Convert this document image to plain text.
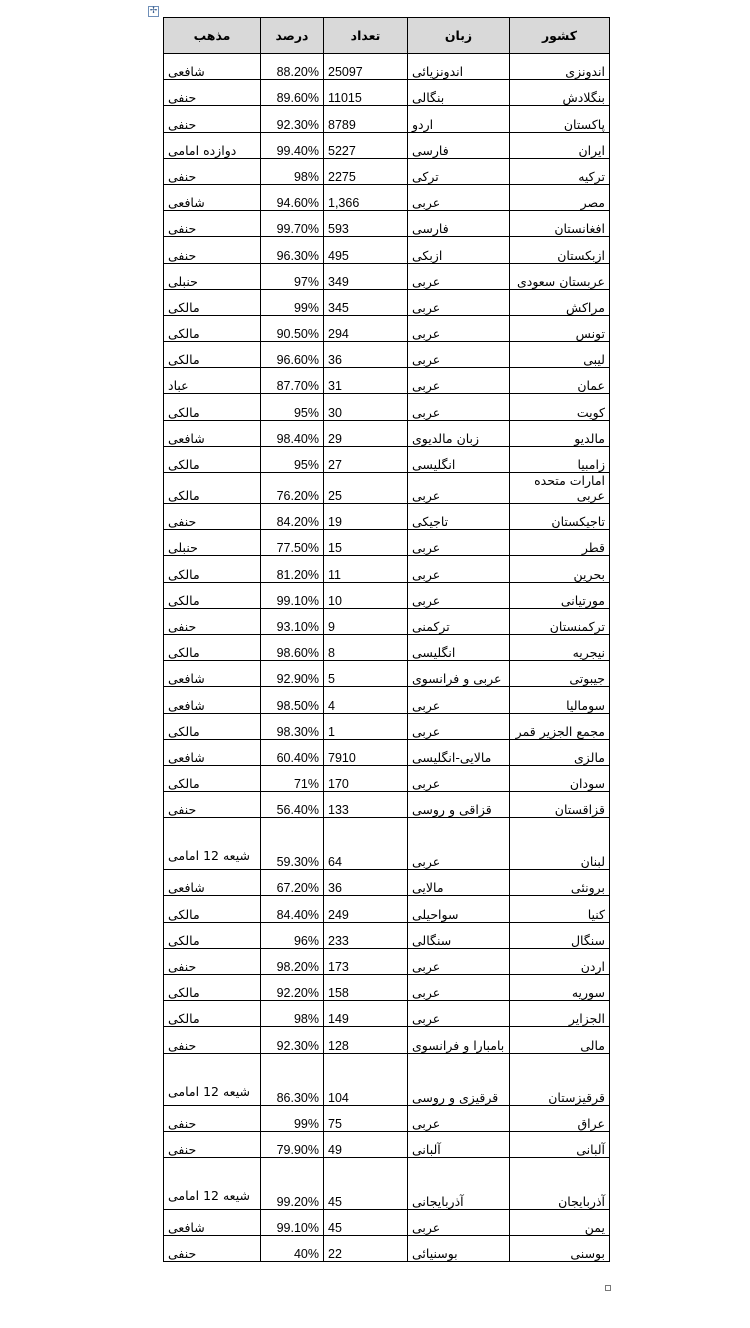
✢
کشور	زبان	تعداد	درصد	مذهب
اندونزی	اندونزیائی	25097	88.20%	شافعی
بنگلادش	بنگالی	11015	89.60%	حنفی
پاکستان	اردو	8789	92.30%	حنفی
ایران	فارسی	5227	99.40%	دوازده امامی
ترکیه	ترکی	2275	98%	حنفی
مصر	عربی	1,366	94.60%	شافعی
افغانستان	فارسی	593	99.70%	حنفی
ازبکستان	ازبکی	495	96.30%	حنفی
عربستان سعودی	عربی	349	97%	حنبلی
مراکش	عربی	345	99%	مالکی
تونس	عربی	294	90.50%	مالکی
لیبی	عربی	36	96.60%	مالکی
عمان	عربی	31	87.70%	عباد
کویت	عربی	30	95%	مالکی
مالدیو	زبان مالدیوی	29	98.40%	شافعی
زامبیا	انگلیسی	27	95%	مالکی
امارات متحده عربی	عربی	25	76.20%	مالکی
تاجیکستان	تاجیکی	19	84.20%	حنفی
قطر	عربی	15	77.50%	حنبلی
بحرین	عربی	11	81.20%	مالکی
مورتیانی	عربی	10	99.10%	مالکی
ترکمنستان	ترکمنی	9	93.10%	حنفی
نیجریه	انگلیسی	8	98.60%	مالکی
جیبوتی	عربی و فرانسوی	5	92.90%	شافعی
سومالیا	عربی	4	98.50%	شافعی
مجمع الجزیر قمر	عربی	1	98.30%	مالکی
مالزی	مالایی-انگلیسی	7910	60.40%	شافعی
سودان	عربی	170	71%	مالکی
قزاقستان	قزاقی و روسی	133	56.40%	حنفی
لبنان	عربی	64	59.30%	شیعه 12 امامی
برونئی	مالایی	36	67.20%	شافعی
کنیا	سواحیلی	249	84.40%	مالکی
سنگال	سنگالی	233	96%	مالکی
اردن	عربی	173	98.20%	حنفی
سوریه	عربی	158	92.20%	مالکی
الجزایر	عربی	149	98%	مالکی
مالی	بامبارا و فرانسوی	128	92.30%	حنفی
قرقیزستان	قرقیزی و روسی	104	86.30%	شیعه 12 امامی
عراق	عربی	75	99%	حنفی
آلبانی	آلبانی	49	79.90%	حنفی
آذربایجان	آذربایجانی	45	99.20%	شیعه 12 امامی
یمن	عربی	45	99.10%	شافعی
بوسنی	بوسنیائی	22	40%	حنفی
